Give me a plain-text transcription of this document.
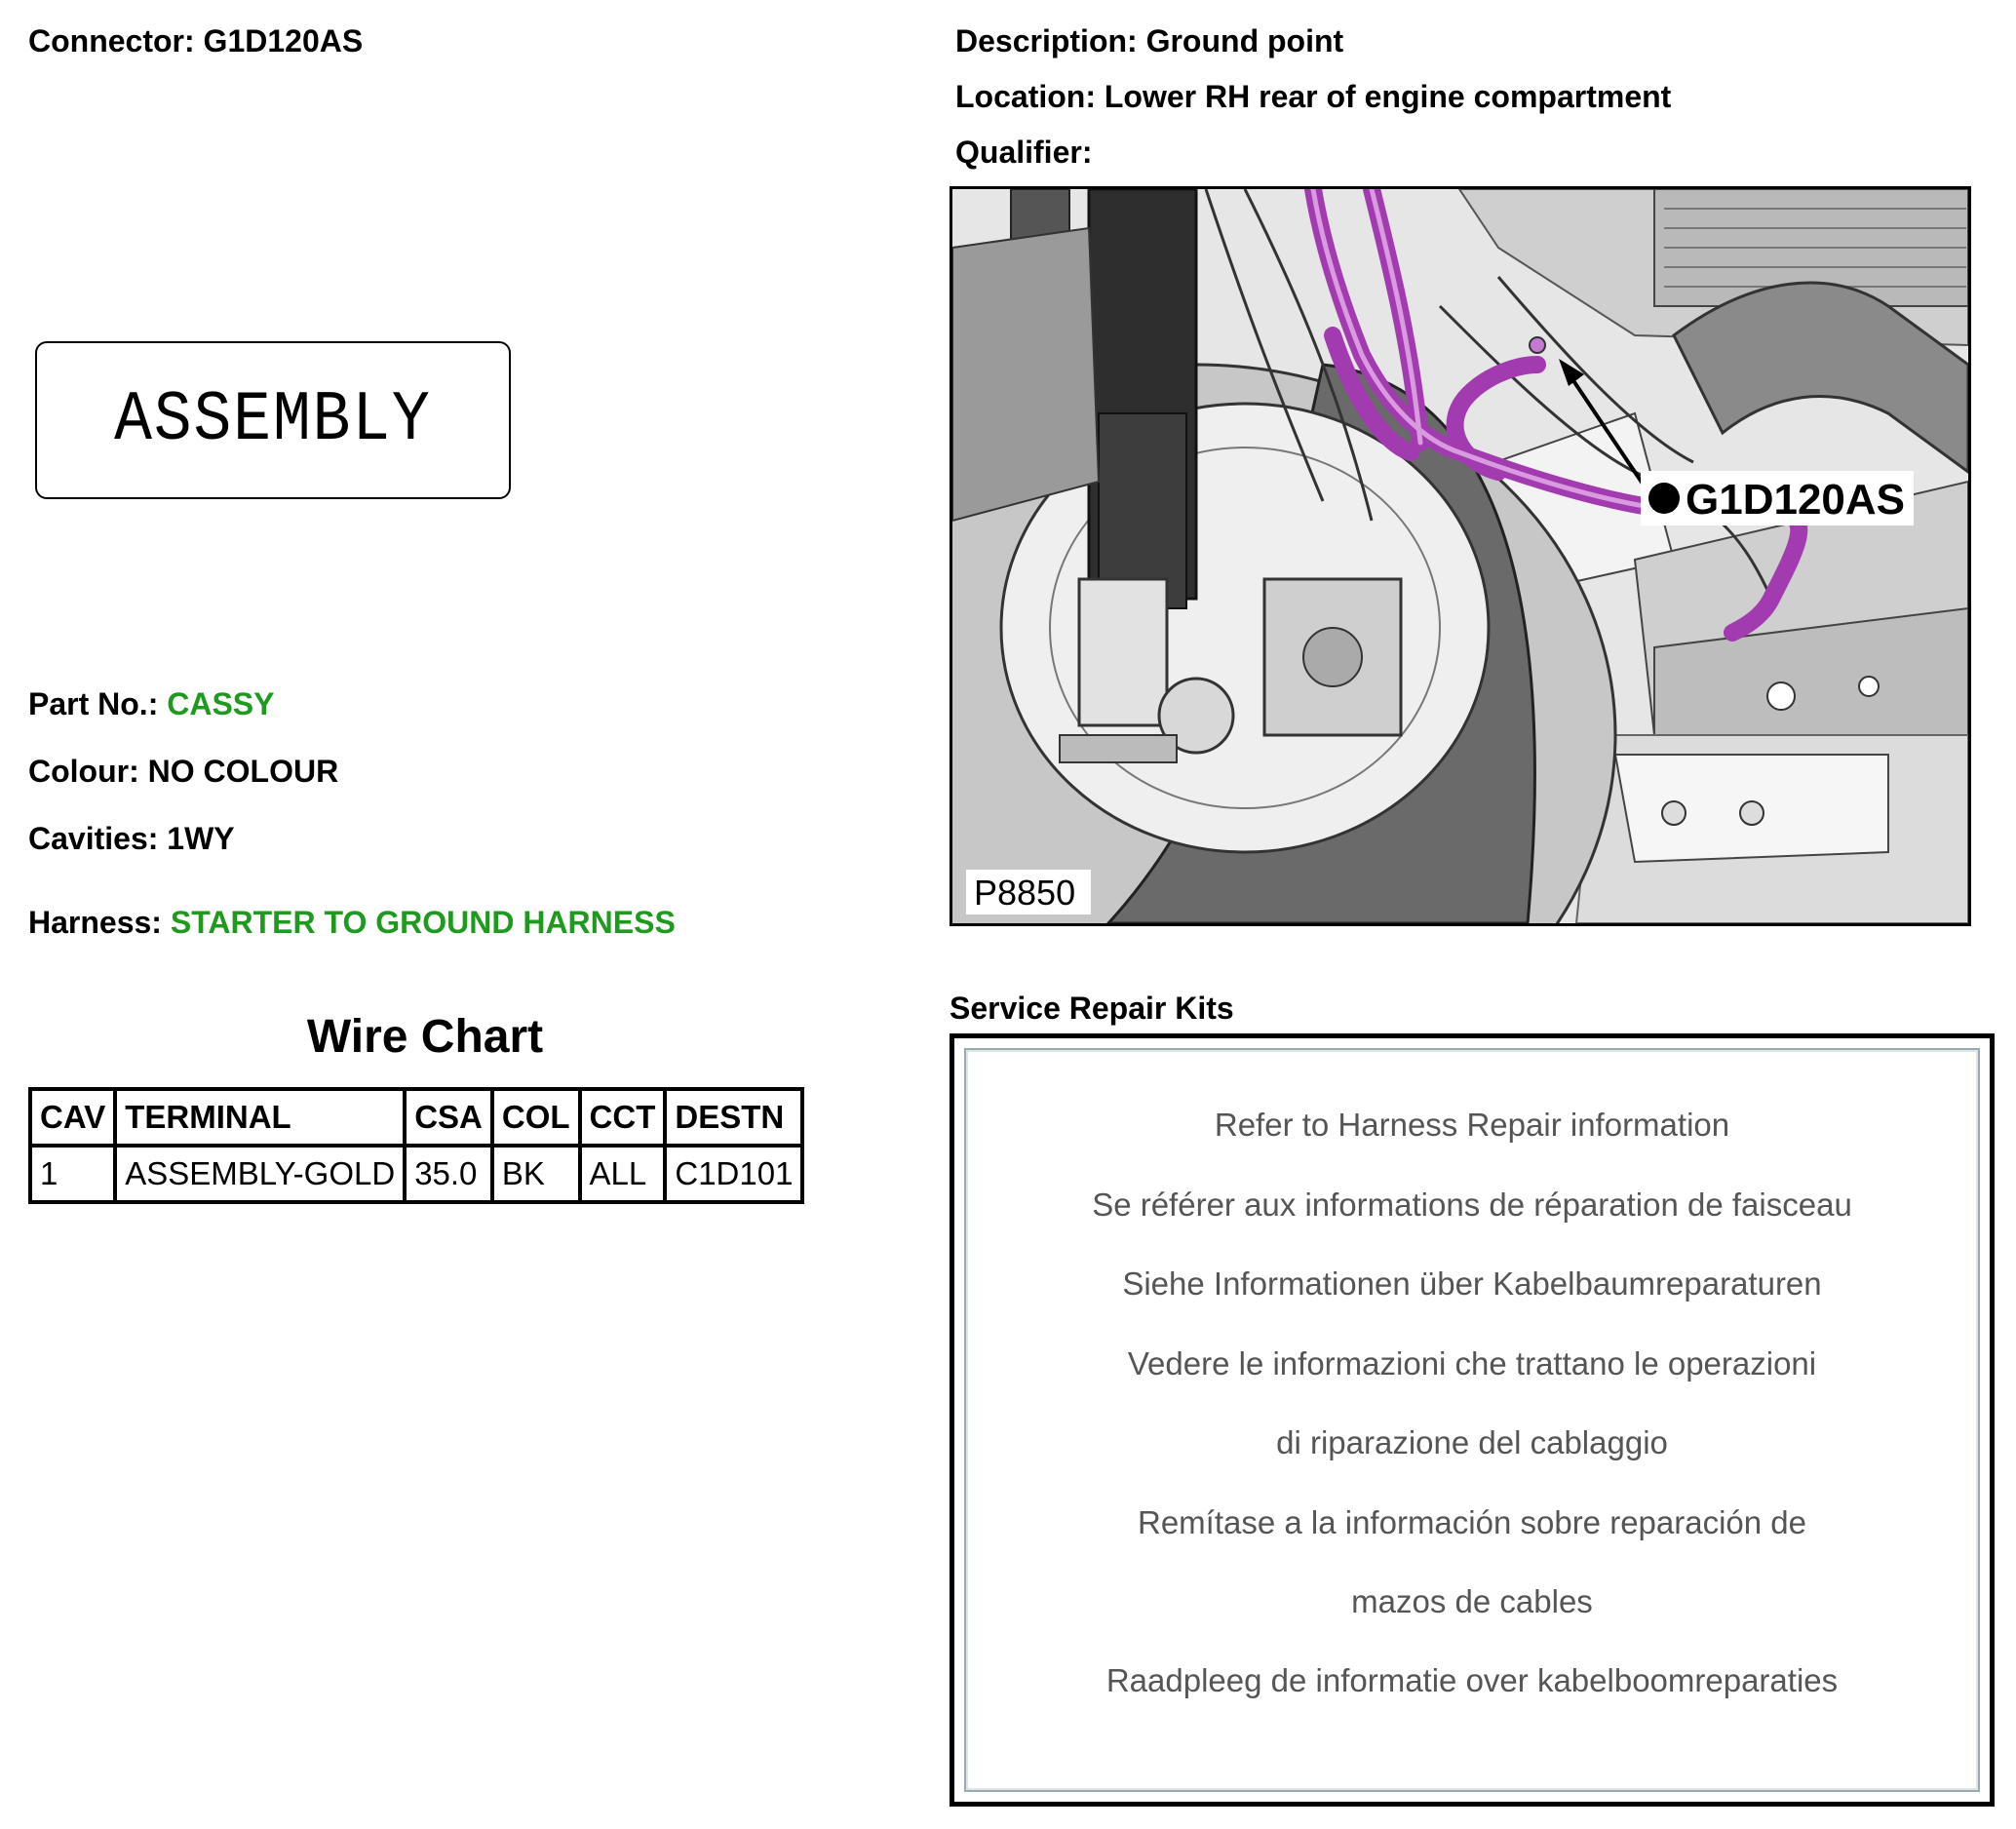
Connector: G1D120AS	Description: Ground point
Location: Lower RH rear of engine compartment
Qualifier:
ASSEMBLY
Part No.: CASSY
Colour: NO COLOUR
Cavities: 1WY
Harness: STARTER TO GROUND HARNESS
Wire Chart
CAV	TERMINAL	CSA	COL	CCT	DESTN
1	ASSEMBLY-GOLD	35.0	BK	ALL	C1D101
G1D120AS
P8850
Service Repair Kits
Refer to Harness Repair information
Se référer aux informations de réparation de faisceau
Siehe Informationen über Kabelbaumreparaturen
Vedere le informazioni che trattano le operazioni
di riparazione del cablaggio
Remítase a la información sobre reparación de
mazos de cables
Raadpleeg de informatie over kabelboomreparaties
